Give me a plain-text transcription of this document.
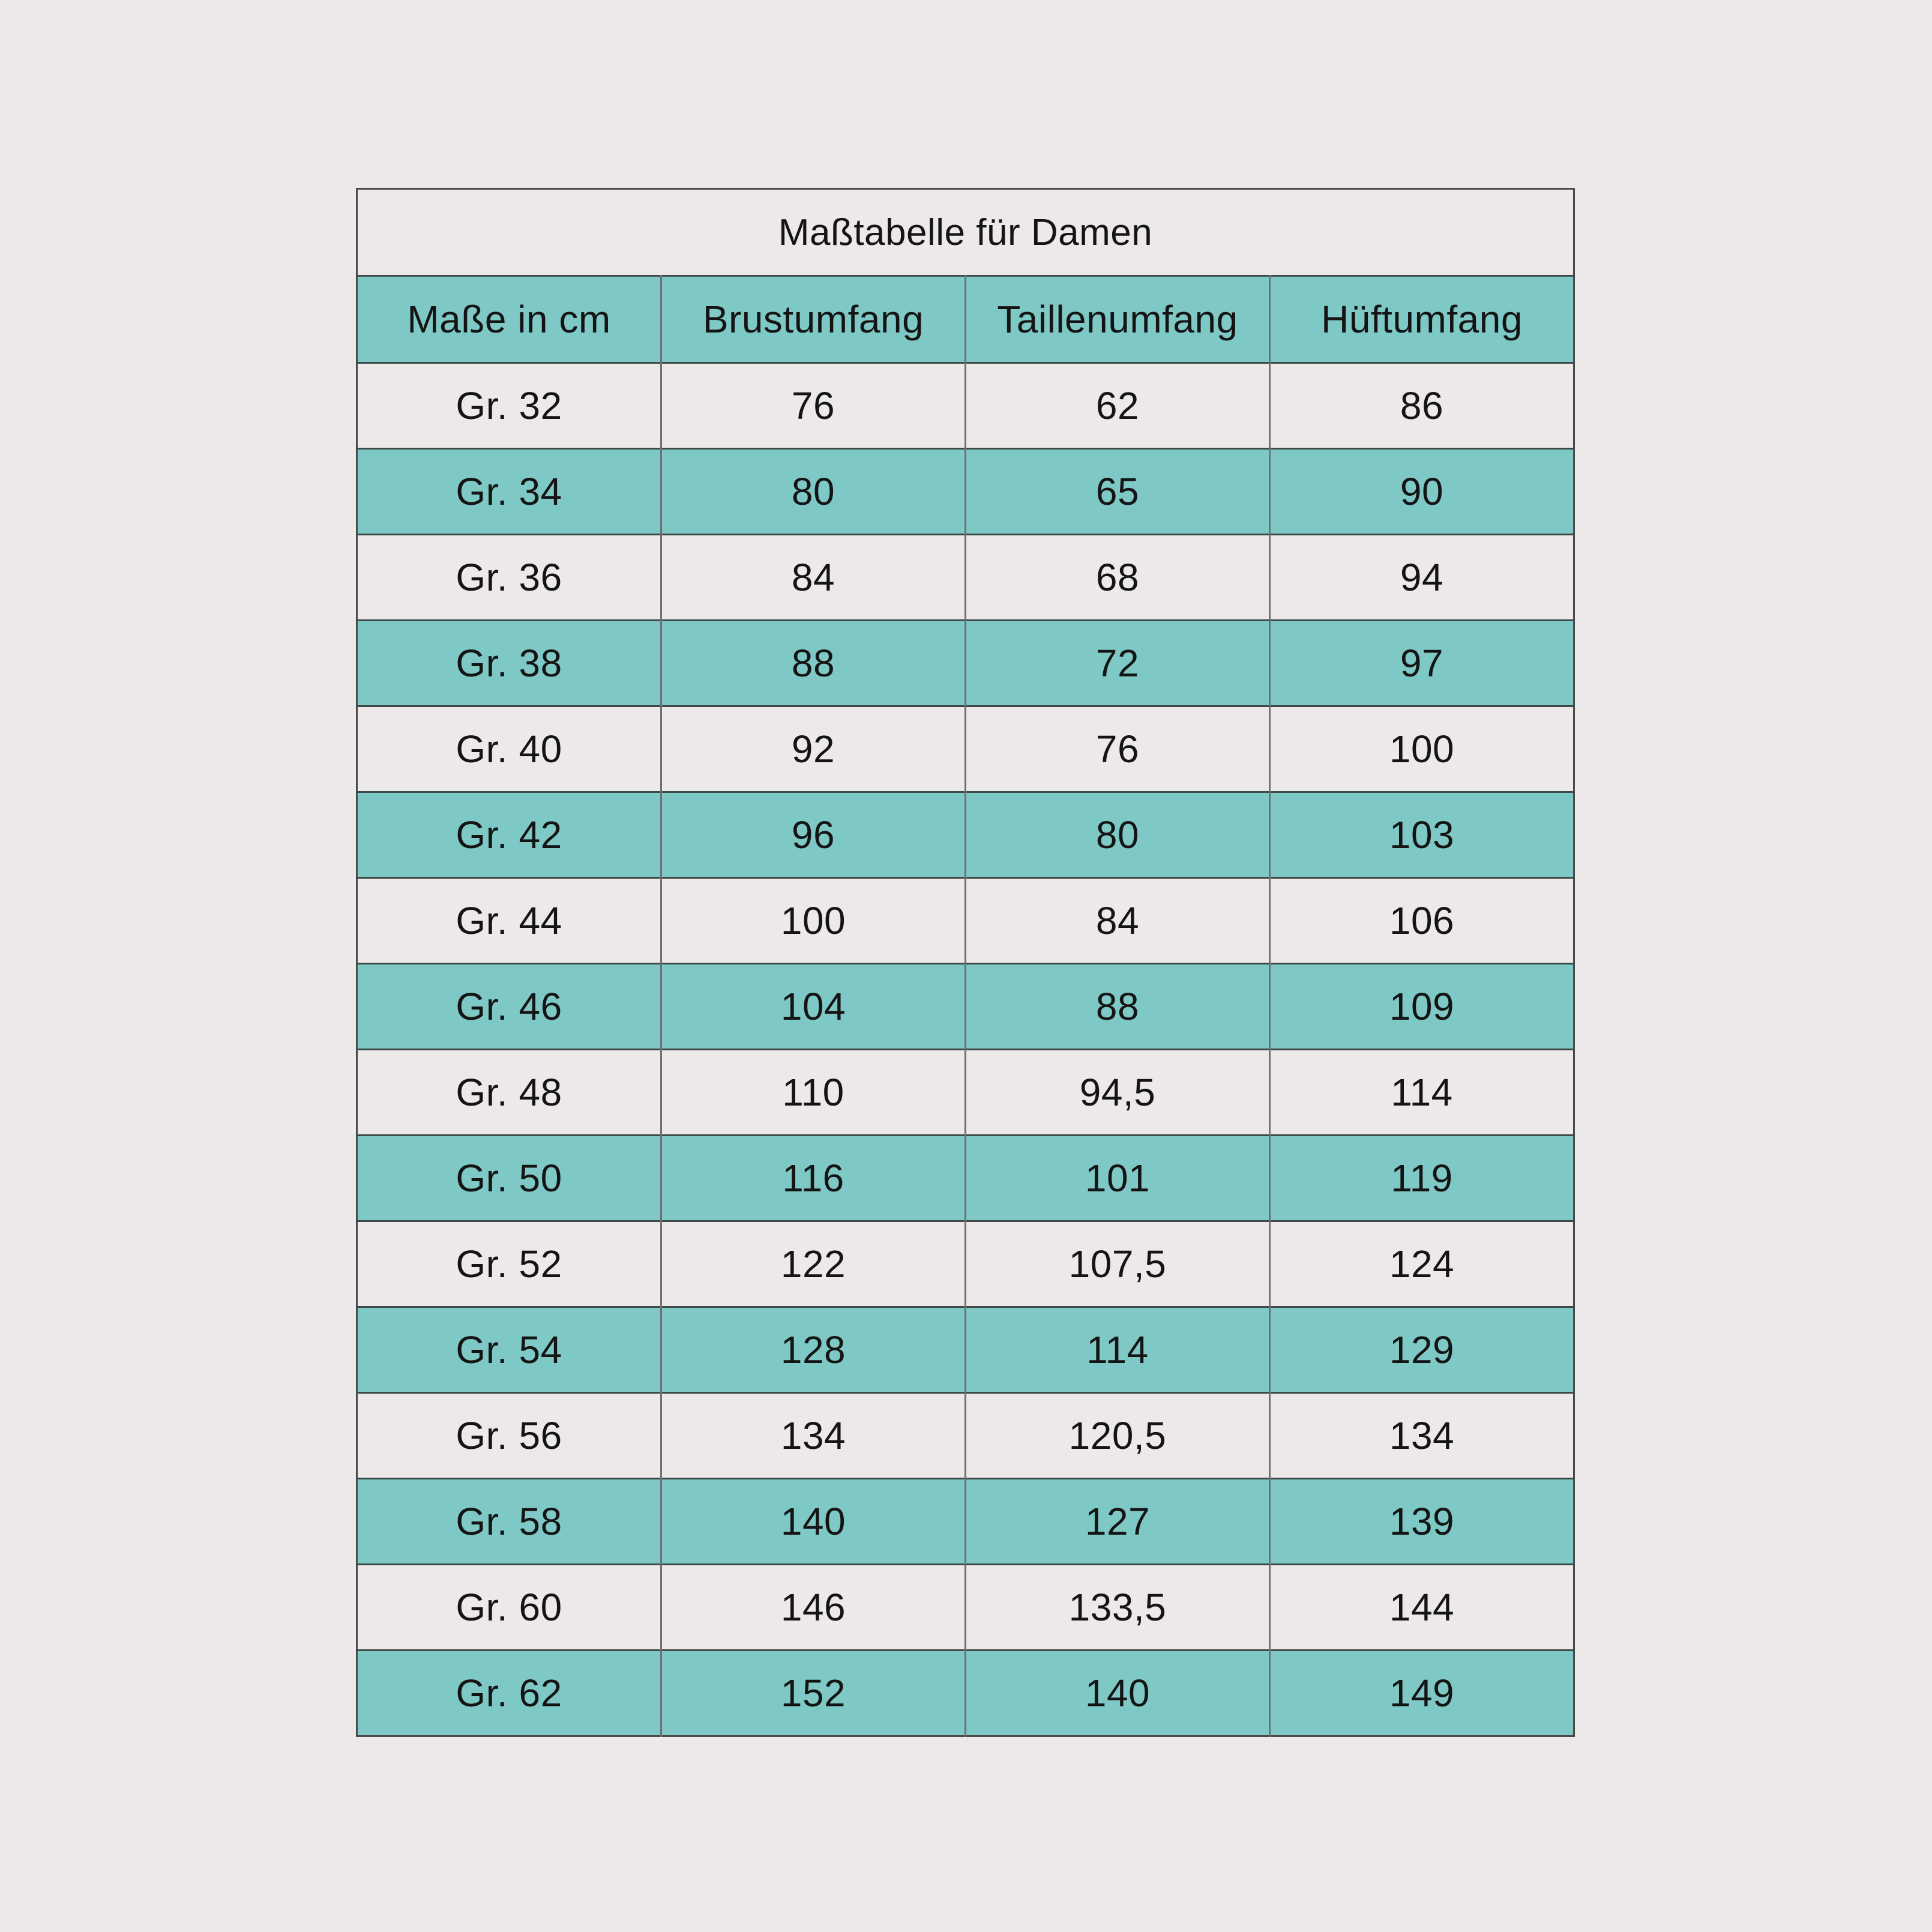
Maßtabelle für Damen			
Maße in cm	Brustumfang	Taillenumfang	Hüftumfang
Gr. 32	76	62	86
Gr. 34	80	65	90
Gr. 36	84	68	94
Gr. 38	88	72	97
Gr. 40	92	76	100
Gr. 42	96	80	103
Gr. 44	100	84	106
Gr. 46	104	88	109
Gr. 48	110	94,5	114
Gr. 50	116	101	119
Gr. 52	122	107,5	124
Gr. 54	128	114	129
Gr. 56	134	120,5	134
Gr. 58	140	127	139
Gr. 60	146	133,5	144
Gr. 62	152	140	149
